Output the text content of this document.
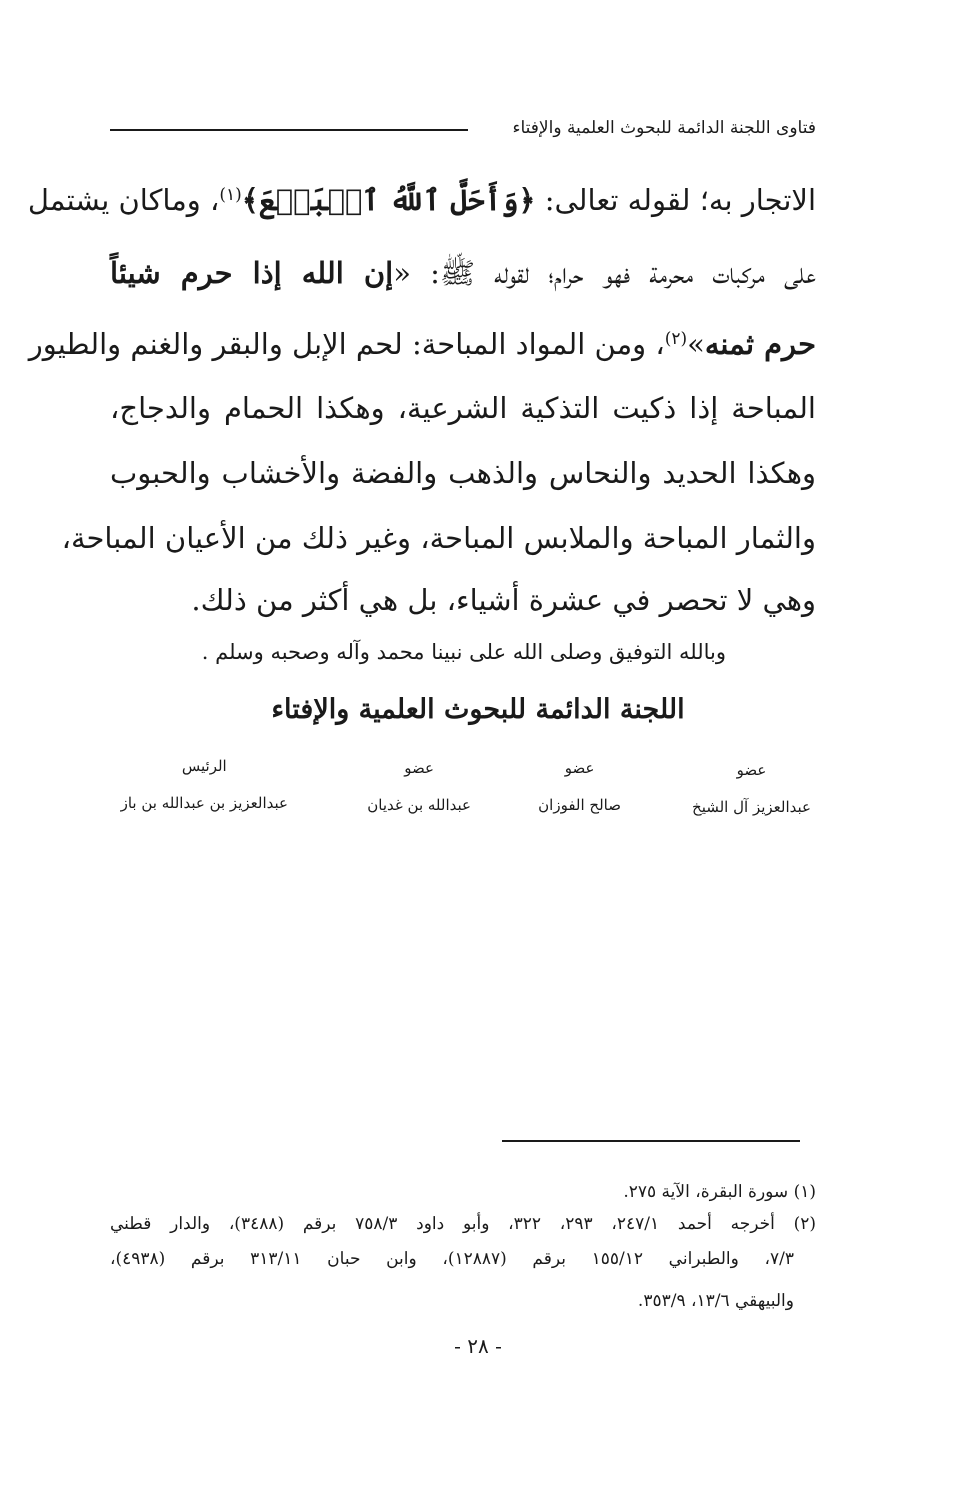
فتاوى اللجنة الدائمة للبحوث العلمية والإفتاء
الاتجار به؛ لقوله تعالى: ﴿وَأَحَلَّ ٱللَّهُ ٱلۡبَيۡعَ﴾$^{(١)}$، وماكان يشتمل
على مركبات محرمة فهو حرام؛ لقوله ﷺ: «إن الله إذا حرم شيئاً
حرم ثمنه»$^{(٢)}$، ومن المواد المباحة: لحم الإبل والبقر والغنم والطيور
المباحة إذا ذكيت التذكية الشرعية، وهكذا الحمام والدجاج،
وهكذا الحديد والنحاس والذهب والفضة والأخشاب والحبوب
والثمار المباحة والملابس المباحة، وغير ذلك من الأعيان المباحة،
وهي لا تحصر في عشرة أشياء، بل هي أكثر من ذلك.
وبالله التوفيق وصلى الله على نبينا محمد وآله وصحبه وسلم .
اللجنة الدائمة للبحوث العلمية والإفتاء
عضو
عبدالعزيز آل الشيخ
عضو
صالح الفوزان
عضو
عبدالله بن غديان
الرئيس
عبدالعزيز بن عبدالله بن باز
(١) سورة البقرة، الآية ٢٧٥.
(٢) أخرجه أحمد ٢٤٧/١، ٢٩٣، ٣٢٢، وأبو داود ٧٥٨/٣ برقم (٣٤٨٨)، والدار قطني
٧/٣، والطبراني ١٥٥/١٢ برقم (١٢٨٨٧)، وابن حبان ٣١٣/١١ برقم (٤٩٣٨)،
والبيهقي ١٣/٦، ٣٥٣/٩.
- ٢٨ -
